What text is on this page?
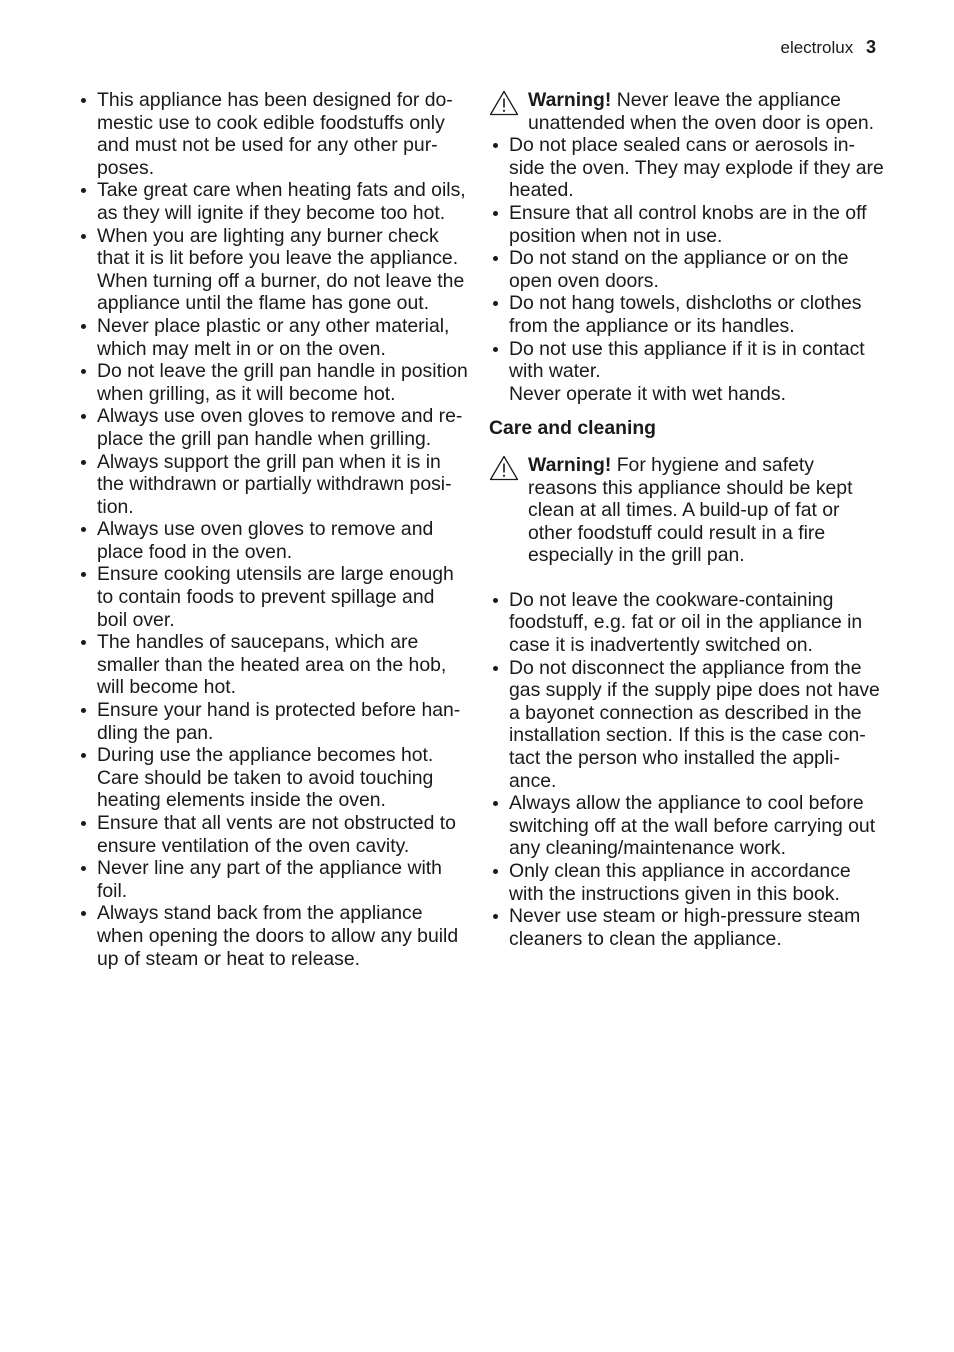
electrolux 3
This appliance has been designed for do-
mestic use to cook edible foodstuffs only
and must not be used for any other pur-
poses.
Take great care when heating fats and oils,
as they will ignite if they become too hot.
When you are lighting any burner check
that it is lit before you leave the appliance.
When turning off a burner, do not leave the
appliance until the flame has gone out.
Never place plastic or any other material,
which may melt in or on the oven.
Do not leave the grill pan handle in position
when grilling, as it will become hot.
Always use oven gloves to remove and re-
place the grill pan handle when grilling.
Always support the grill pan when it is in
the withdrawn or partially withdrawn posi-
tion.
Always use oven gloves to remove and
place food in the oven.
Ensure cooking utensils are large enough
to contain foods to prevent spillage and
boil over.
The handles of saucepans, which are
smaller than the heated area on the hob,
will become hot.
Ensure your hand is protected before han-
dling the pan.
During use the appliance becomes hot.
Care should be taken to avoid touching
heating elements inside the oven.
Ensure that all vents are not obstructed to
ensure ventilation of the oven cavity.
Never line any part of the appliance with
foil.
Always stand back from the appliance
when opening the doors to allow any build
up of steam or heat to release.
Warning! Never leave the appliance
unattended when the oven door is open.
Do not place sealed cans or aerosols in-
side the oven. They may explode if they are
heated.
Ensure that all control knobs are in the off
position when not in use.
Do not stand on the appliance or on the
open oven doors.
Do not hang towels, dishcloths or clothes
from the appliance or its handles.
Do not use this appliance if it is in contact
with water.
Never operate it with wet hands.
Care and cleaning
Warning! For hygiene and safety
reasons this appliance should be kept
clean at all times. A build-up of fat or
other foodstuff could result in a fire
especially in the grill pan.
Do not leave the cookware-containing
foodstuff, e.g. fat or oil in the appliance in
case it is inadvertently switched on.
Do not disconnect the appliance from the
gas supply if the supply pipe does not have
a bayonet connection as described in the
installation section. If this is the case con-
tact the person who installed the appli-
ance.
Always allow the appliance to cool before
switching off at the wall before carrying out
any cleaning/maintenance work.
Only clean this appliance in accordance
with the instructions given in this book.
Never use steam or high-pressure steam
cleaners to clean the appliance.
